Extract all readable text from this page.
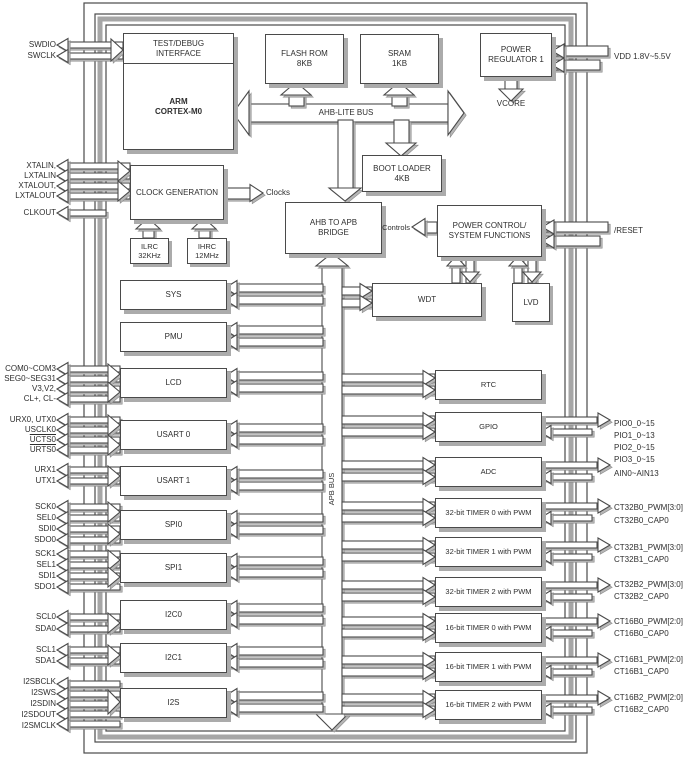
TEST/DEBUG
INTERFACE
ARM
CORTEX-M0
FLASH ROM
8KB
SRAM
1KB
POWER
REGULATOR 1
BOOT LOADER
4KB
CLOCK GENERATION
ILRC
32KHz
IHRC
12MHz
AHB TO APB
BRIDGE
POWER CONTROL/
SYSTEM FUNCTIONS
WDT	LVD
SYS
PMU
LCD
USART 0
USART 1
SPI0
SPI1
I2C0
I2C1
I2S
RTC
GPIO
ADC
32-bit TIMER 0 with PWM
32-bit TIMER 1 with PWM
32-bit TIMER 2 with PWM
16-bit TIMER 0 with PWM
16-bit TIMER 1 with PWM
16-bit TIMER 2 with PWM
AHB-LITE BUS
APB BUS
Clocks
Controls
VCORE
SWDIO
SWCLK
XTALIN,
LXTALIN
XTALOUT,
LXTALOUT
CLKOUT
COM0~COM3
SEG0~SEG31
V3,V2,
CL+, CL-
URX0, UTX0
USCLK0
UCTS0
URTS0
URX1
UTX1
SCK0
SEL0
SDI0
SDO0
SCK1
SEL1
SDI1
SDO1
SCL0
SDA0
SCL1
SDA1
I2SBCLK
I2SWS
I2SDIN
I2SDOUT
I2SMCLK
VDD 1.8V~5.5V
/RESET
PIO0_0~15
PIO1_0~13
PIO2_0~15
PIO3_0~15
AIN0~AIN13
CT32B0_PWM[3:0]
CT32B0_CAP0
CT32B1_PWM[3:0]
CT32B1_CAP0
CT32B2_PWM[3:0]
CT32B2_CAP0
CT16B0_PWM[2:0]
CT16B0_CAP0
CT16B1_PWM[2:0]
CT16B1_CAP0
CT16B2_PWM[2:0]
CT16B2_CAP0
